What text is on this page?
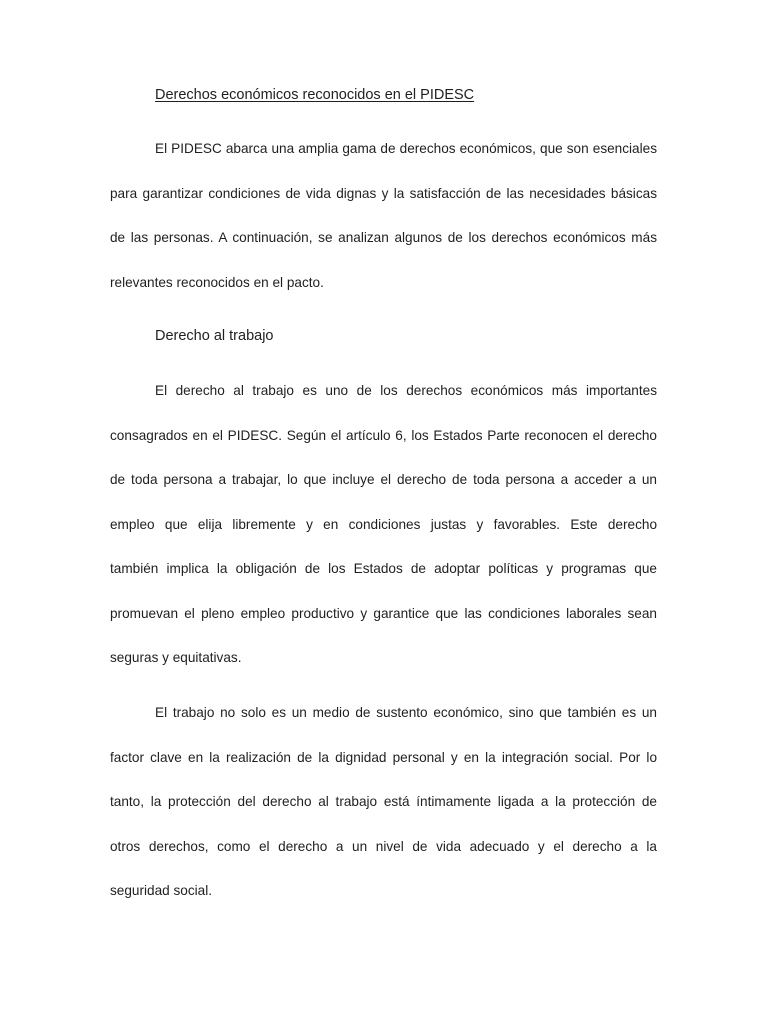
Derechos económicos reconocidos en el PIDESC
El PIDESC abarca una amplia gama de derechos económicos, que son esenciales
para garantizar condiciones de vida dignas y la satisfacción de las necesidades básicas
de las personas. A continuación, se analizan algunos de los derechos económicos más
relevantes reconocidos en el pacto.
Derecho al trabajo
El derecho al trabajo es uno de los derechos económicos más importantes
consagrados en el PIDESC. Según el artículo 6, los Estados Parte reconocen el derecho
de toda persona a trabajar, lo que incluye el derecho de toda persona a acceder a un
empleo que elija libremente y en condiciones justas y favorables. Este derecho
también implica la obligación de los Estados de adoptar políticas y programas que
promuevan el pleno empleo productivo y garantice que las condiciones laborales sean
seguras y equitativas.
El trabajo no solo es un medio de sustento económico, sino que también es un
factor clave en la realización de la dignidad personal y en la integración social. Por lo
tanto, la protección del derecho al trabajo está íntimamente ligada a la protección de
otros derechos, como el derecho a un nivel de vida adecuado y el derecho a la
seguridad social.
